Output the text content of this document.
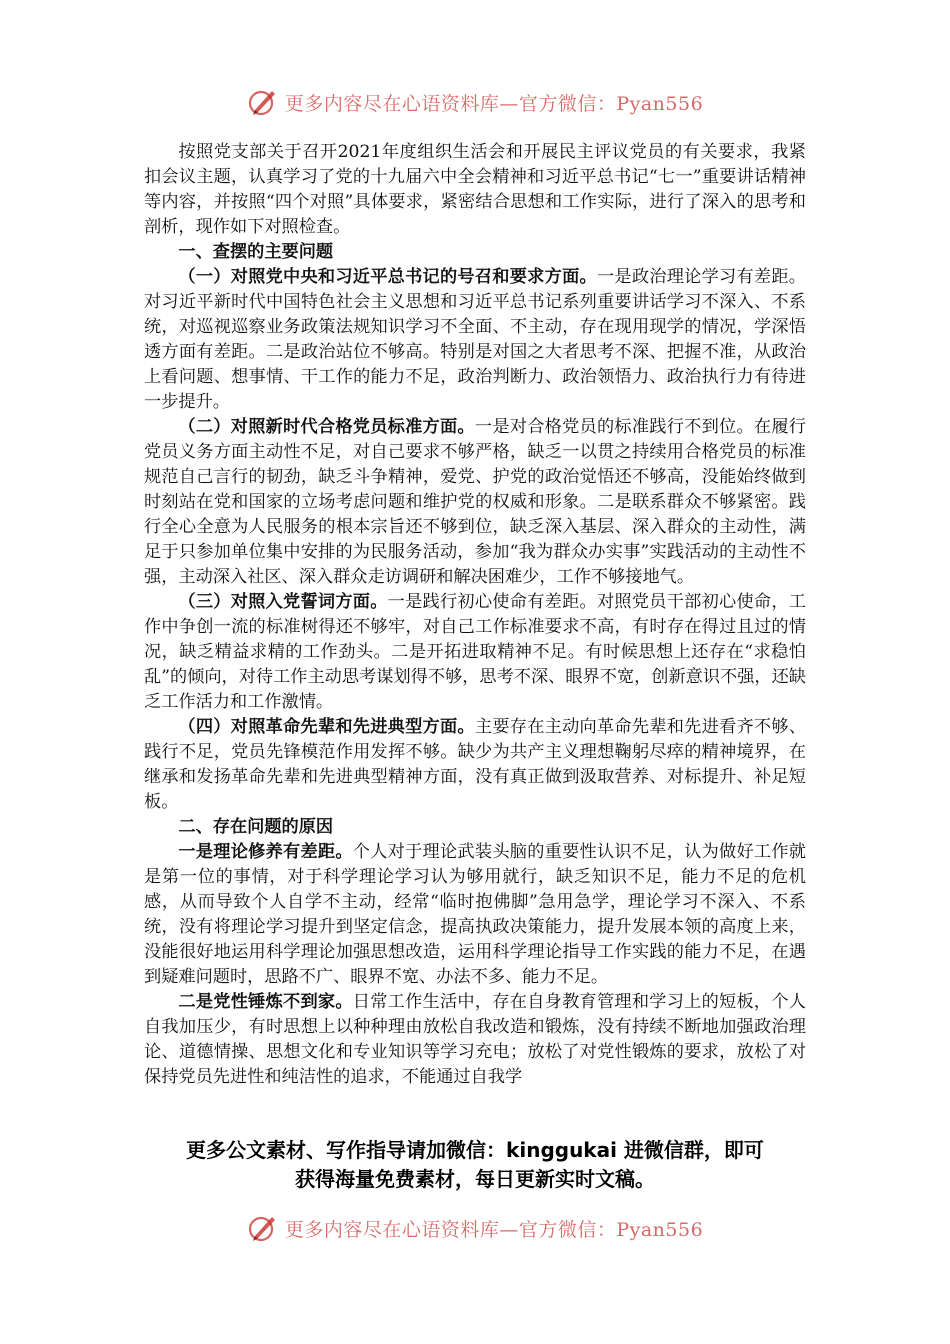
更多内容尽在心语资料库—官方微信：Pyan556

按照党支部关于召开2021年度组织生活会和开展民主评议党员的有关要求，我紧扣会议主题，认真学习了党的十九届六中全会精神和习近平总书记“七一”重要讲话精神等内容，并按照“四个对照”具体要求，紧密结合思想和工作实际，进行了深入的思考和剖析，现作如下对照检查。

一、查摆的主要问题

（一）对照党中央和习近平总书记的号召和要求方面。一是政治理论学习有差距。对习近平新时代中国特色社会主义思想和习近平总书记系列重要讲话学习不深入、不系统，对巡视巡察业务政策法规知识学习不全面、不主动，存在现用现学的情况，学深悟透方面有差距。二是政治站位不够高。特别是对国之大者思考不深、把握不准，从政治上看问题、想事情、干工作的能力不足，政治判断力、政治领悟力、政治执行力有待进一步提升。

（二）对照新时代合格党员标准方面。一是对合格党员的标准践行不到位。在履行党员义务方面主动性不足，对自己要求不够严格，缺乏一以贯之持续用合格党员的标准规范自己言行的韧劲，缺乏斗争精神，爱党、护党的政治觉悟还不够高，没能始终做到时刻站在党和国家的立场考虑问题和维护党的权威和形象。二是联系群众不够紧密。践行全心全意为人民服务的根本宗旨还不够到位，缺乏深入基层、深入群众的主动性，满足于只参加单位集中安排的为民服务活动，参加“我为群众办实事”实践活动的主动性不强，主动深入社区、深入群众走访调研和解决困难少，工作不够接地气。

（三）对照入党誓词方面。一是践行初心使命有差距。对照党员干部初心使命，工作中争创一流的标准树得还不够牢，对自己工作标准要求不高，有时存在得过且过的情况，缺乏精益求精的工作劲头。二是开拓进取精神不足。有时候思想上还存在“求稳怕乱”的倾向，对待工作主动思考谋划得不够，思考不深、眼界不宽，创新意识不强，还缺乏工作活力和工作激情。

（四）对照革命先辈和先进典型方面。主要存在主动向革命先辈和先进看齐不够、践行不足，党员先锋模范作用发挥不够。缺少为共产主义理想鞠躬尽瘁的精神境界，在继承和发扬革命先辈和先进典型精神方面，没有真正做到汲取营养、对标提升、补足短板。

二、存在问题的原因

一是理论修养有差距。个人对于理论武装头脑的重要性认识不足，认为做好工作就是第一位的事情，对于科学理论学习认为够用就行，缺乏知识不足，能力不足的危机感，从而导致个人自学不主动，经常“临时抱佛脚”急用急学，理论学习不深入、不系统，没有将理论学习提升到坚定信念，提高执政决策能力，提升发展本领的高度上来，没能很好地运用科学理论加强思想改造，运用科学理论指导工作实践的能力不足，在遇到疑难问题时，思路不广、眼界不宽、办法不多、能力不足。

二是党性锤炼不到家。日常工作生活中，存在自身教育管理和学习上的短板，个人自我加压少，有时思想上以种种理由放松自我改造和锻炼，没有持续不断地加强政治理论、道德情操、思想文化和专业知识等学习充电；放松了对党性锻炼的要求，放松了对保持党员先进性和纯洁性的追求，不能通过自我学

更多公文素材、写作指导请加微信：kinggukai 进微信群，即可
获得海量免费素材，每日更新实时文稿。
更多内容尽在心语资料库—官方微信：Pyan556
